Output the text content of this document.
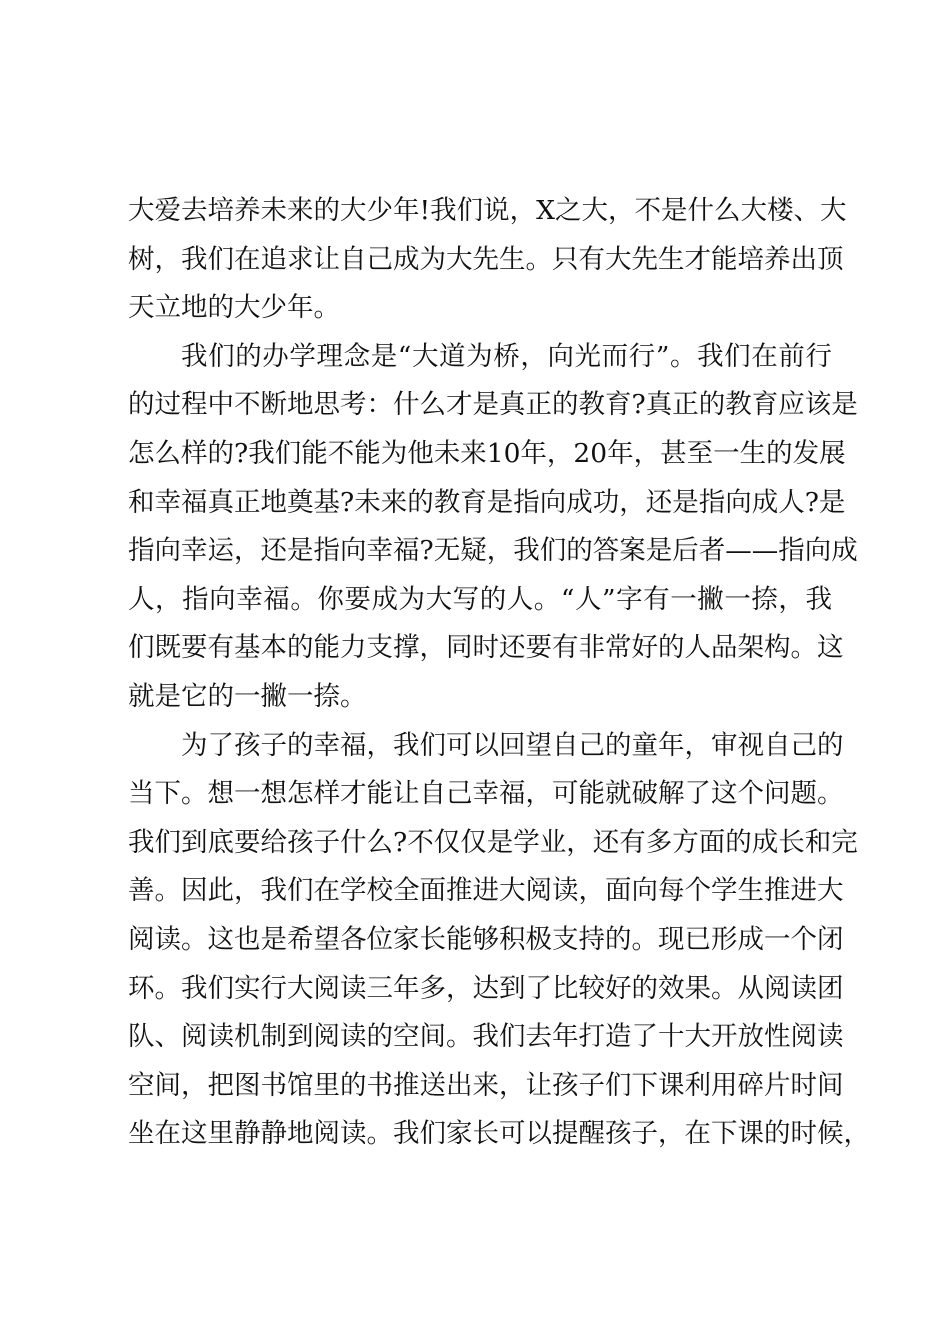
大爱去培养未来的大少年!我们说，X之大，不是什么大楼、大
树，我们在追求让自己成为大先生。只有大先生才能培养出顶
天立地的大少年。
我们的办学理念是“大道为桥，向光而行”。我们在前行
的过程中不断地思考：什么才是真正的教育?真正的教育应该是
怎么样的?我们能不能为他未来10年，20年，甚至一生的发展
和幸福真正地奠基?未来的教育是指向成功，还是指向成人?是
指向幸运，还是指向幸福?无疑，我们的答案是后者——指向成
人，指向幸福。你要成为大写的人。“人”字有一撇一捺，我
们既要有基本的能力支撑，同时还要有非常好的人品架构。这
就是它的一撇一捺。
为了孩子的幸福，我们可以回望自己的童年，审视自己的
当下。想一想怎样才能让自己幸福，可能就破解了这个问题。
我们到底要给孩子什么?不仅仅是学业，还有多方面的成长和完
善。因此，我们在学校全面推进大阅读，面向每个学生推进大
阅读。这也是希望各位家长能够积极支持的。现已形成一个闭
环。我们实行大阅读三年多，达到了比较好的效果。从阅读团
队、阅读机制到阅读的空间。我们去年打造了十大开放性阅读
空间，把图书馆里的书推送出来，让孩子们下课利用碎片时间
坐在这里静静地阅读。我们家长可以提醒孩子，在下课的时候，
